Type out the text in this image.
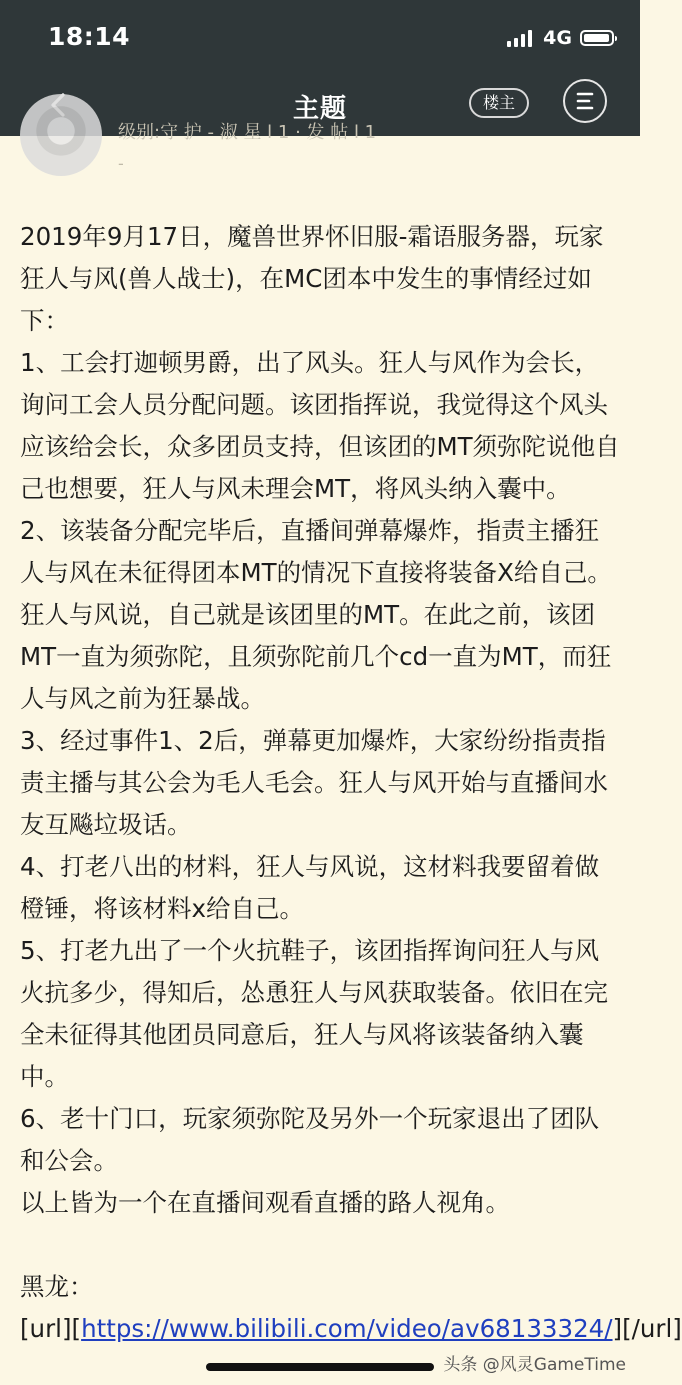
18:14	4G
主题	楼主
级别:守 护 - 淑 星 l 1 · 发 帖 l 1
-

2019年9月17日，魔兽世界怀旧服-霜语服务器，玩家狂人与风(兽人战士)，在MC团本中发生的事情经过如下：

1、工会打迦顿男爵，出了风头。狂人与风作为会长，询问工会人员分配问题。该团指挥说，我觉得这个风头应该给会长，众多团员支持，但该团的MT须弥陀说他自己也想要，狂人与风未理会MT，将风头纳入囊中。

2、该装备分配完毕后，直播间弹幕爆炸，指责主播狂人与风在未征得团本MT的情况下直接将装备X给自己。狂人与风说，自己就是该团里的MT。在此之前，该团MT一直为须弥陀，且须弥陀前几个cd一直为MT，而狂人与风之前为狂暴战。

3、经过事件1、2后，弹幕更加爆炸，大家纷纷指责指责主播与其公会为毛人毛会。狂人与风开始与直播间水友互飚垃圾话。

4、打老八出的材料，狂人与风说，这材料我要留着做橙锤，将该材料x给自己。

5、打老九出了一个火抗鞋子，该团指挥询问狂人与风火抗多少，得知后，怂恿狂人与风获取装备。依旧在完全未征得其他团员同意后，狂人与风将该装备纳入囊中。

6、老十门口，玩家须弥陀及另外一个玩家退出了团队和公会。

以上皆为一个在直播间观看直播的路人视角。

黑龙：

[url][https://www.bilibili.com/video/av68133324/][/url]

头条 @风灵GameTime
